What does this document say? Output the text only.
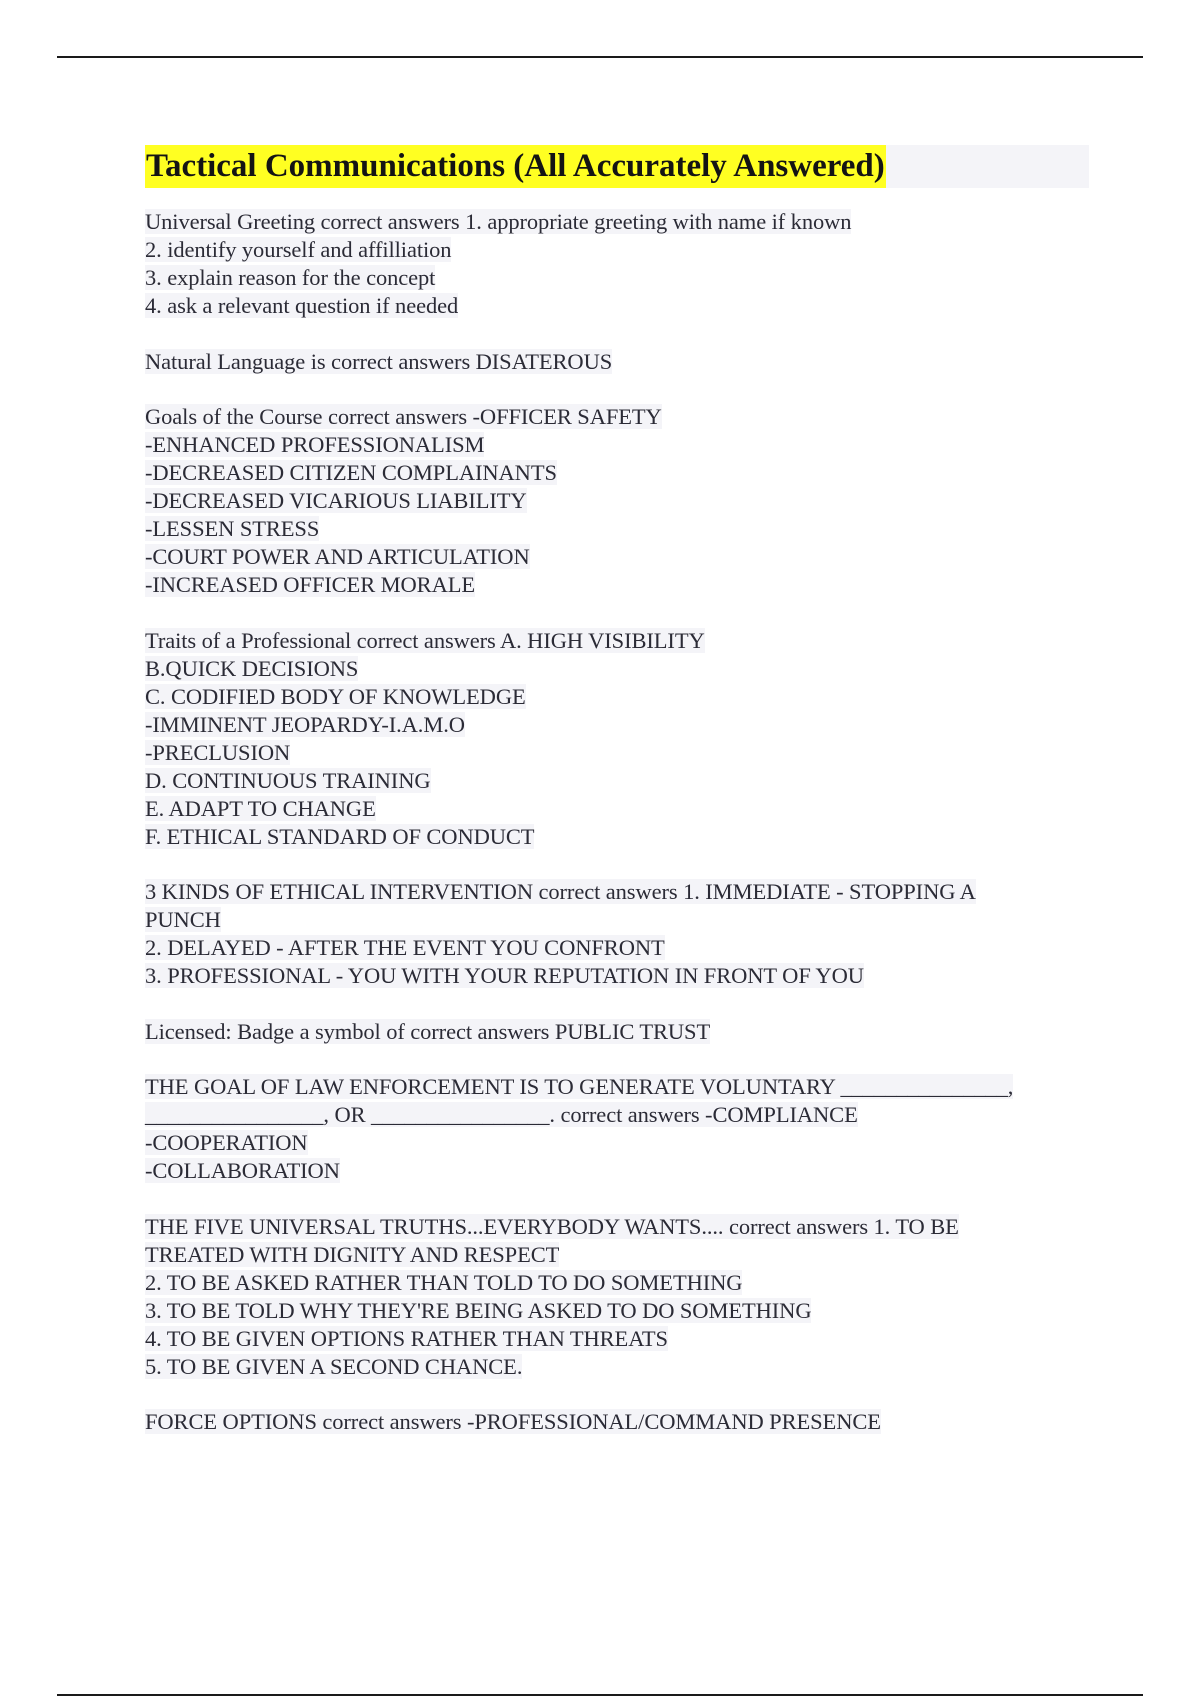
Tactical Communications (All Accurately Answered)
Universal Greeting correct answers 1. appropriate greeting with name if known
2. identify yourself and affilliation
3. explain reason for the concept
4. ask a relevant question if needed
Natural Language is correct answers DISATEROUS
Goals of the Course correct answers -OFFICER SAFETY
-ENHANCED PROFESSIONALISM
-DECREASED CITIZEN COMPLAINANTS
-DECREASED VICARIOUS LIABILITY
-LESSEN STRESS
-COURT POWER AND ARTICULATION
-INCREASED OFFICER MORALE
Traits of a Professional correct answers A. HIGH VISIBILITY
B.QUICK DECISIONS
C. CODIFIED BODY OF KNOWLEDGE
-IMMINENT JEOPARDY-I.A.M.O
-PRECLUSION
D. CONTINUOUS TRAINING
E. ADAPT TO CHANGE
F. ETHICAL STANDARD OF CONDUCT
3 KINDS OF ETHICAL INTERVENTION correct answers 1. IMMEDIATE - STOPPING A
PUNCH
2. DELAYED - AFTER THE EVENT YOU CONFRONT
3. PROFESSIONAL - YOU WITH YOUR REPUTATION IN FRONT OF YOU
Licensed: Badge a symbol of correct answers PUBLIC TRUST
THE GOAL OF LAW ENFORCEMENT IS TO GENERATE VOLUNTARY _______________,
________________, OR ________________. correct answers -COMPLIANCE
-COOPERATION
-COLLABORATION
THE FIVE UNIVERSAL TRUTHS...EVERYBODY WANTS.... correct answers 1. TO BE
TREATED WITH DIGNITY AND RESPECT
2. TO BE ASKED RATHER THAN TOLD TO DO SOMETHING
3. TO BE TOLD WHY THEY'RE BEING ASKED TO DO SOMETHING
4. TO BE GIVEN OPTIONS RATHER THAN THREATS
5. TO BE GIVEN A SECOND CHANCE.
FORCE OPTIONS correct answers -PROFESSIONAL/COMMAND PRESENCE
